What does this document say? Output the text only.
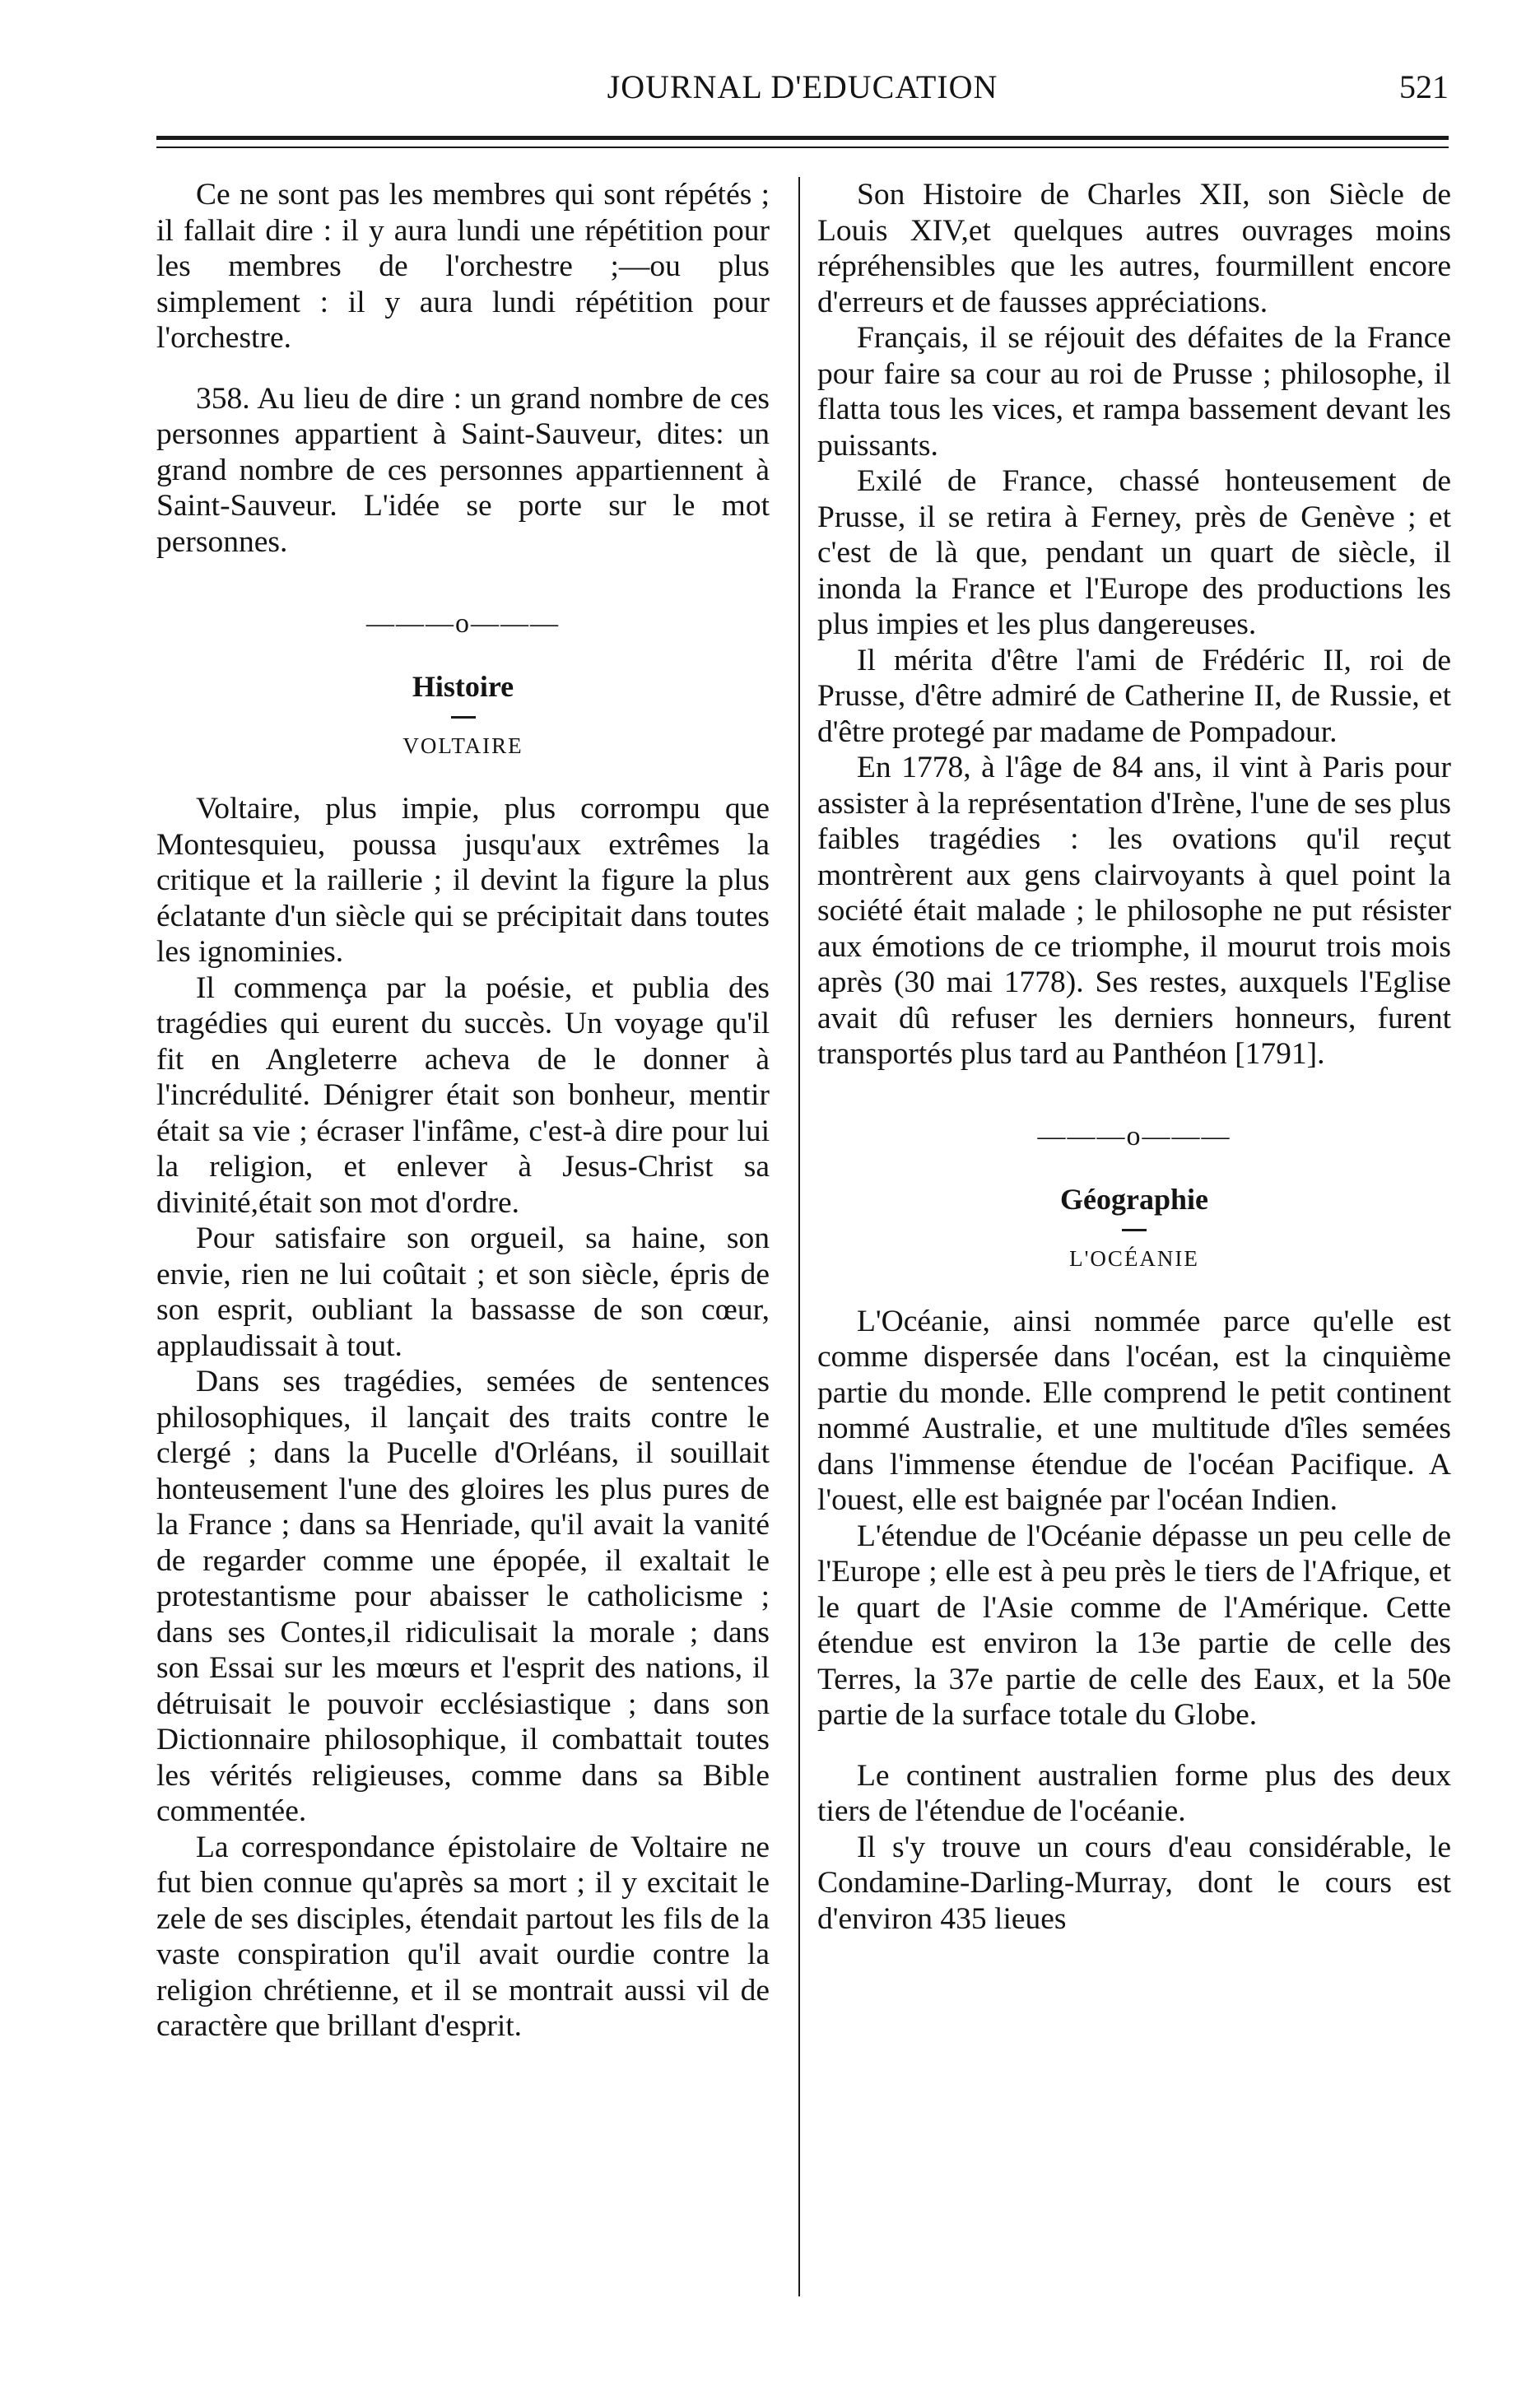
JOURNAL D'EDUCATION	521

Ce ne sont pas les membres qui sont répétés ; il fallait dire : il y aura lundi une répétition pour les membres de l'orchestre ;—ou plus simplement : il y aura lundi répétition pour l'orchestre.

358. Au lieu de dire : un grand nombre de ces personnes appartient à Saint-Sauveur, dites: un grand nombre de ces personnes appartiennent à Saint-Sauveur. L'idée se porte sur le mot personnes.

———o———
Histoire
VOLTAIRE

Voltaire, plus impie, plus corrompu que Montesquieu, poussa jusqu'aux extrêmes la critique et la raillerie ; il devint la figure la plus éclatante d'un siècle qui se précipitait dans toutes les ignominies.

Il commença par la poésie, et publia des tragédies qui eurent du succès. Un voyage qu'il fit en Angleterre acheva de le donner à l'incrédulité. Dénigrer était son bonheur, mentir était sa vie ; écraser l'infâme, c'est-à dire pour lui la religion, et enlever à Jesus-Christ sa divinité,était son mot d'ordre.

Pour satisfaire son orgueil, sa haine, son envie, rien ne lui coûtait ; et son siècle, épris de son esprit, oubliant la bassasse de son cœur, applaudissait à tout.

Dans ses tragédies, semées de sentences philosophiques, il lançait des traits contre le clergé ; dans la Pucelle d'Orléans, il souillait honteusement l'une des gloires les plus pures de la France ; dans sa Henriade, qu'il avait la vanité de regarder comme une épopée, il exaltait le protestantisme pour abaisser le catholicisme ; dans ses Contes,il ridiculisait la morale ; dans son Essai sur les mœurs et l'esprit des nations, il détruisait le pouvoir ecclésiastique ; dans son Dictionnaire philosophique, il combattait toutes les vérités religieuses, comme dans sa Bible commentée.

La correspondance épistolaire de Voltaire ne fut bien connue qu'après sa mort ; il y excitait le zele de ses disciples, étendait partout les fils de la vaste conspiration qu'il avait ourdie contre la religion chrétienne, et il se montrait aussi vil de caractère que brillant d'esprit.

Son Histoire de Charles XII, son Siècle de Louis XIV,et quelques autres ouvrages moins répréhensibles que les autres, fourmillent encore d'erreurs et de fausses appréciations.

Français, il se réjouit des défaites de la France pour faire sa cour au roi de Prusse ; philosophe, il flatta tous les vices, et rampa bassement devant les puissants.

Exilé de France, chassé honteusement de Prusse, il se retira à Ferney, près de Genève ; et c'est de là que, pendant un quart de siècle, il inonda la France et l'Europe des productions les plus impies et les plus dangereuses.

Il mérita d'être l'ami de Frédéric II, roi de Prusse, d'être admiré de Catherine II, de Russie, et d'être protegé par madame de Pompadour.

En 1778, à l'âge de 84 ans, il vint à Paris pour assister à la représentation d'Irène, l'une de ses plus faibles tragédies : les ovations qu'il reçut montrèrent aux gens clairvoyants à quel point la société était malade ; le philosophe ne put résister aux émotions de ce triomphe, il mourut trois mois après (30 mai 1778). Ses restes, auxquels l'Eglise avait dû refuser les derniers honneurs, furent transportés plus tard au Panthéon [1791].

———o———
Géographie
L'OCÉANIE

L'Océanie, ainsi nommée parce qu'elle est comme dispersée dans l'océan, est la cinquième partie du monde. Elle comprend le petit continent nommé Australie, et une multitude d'îles semées dans l'immense étendue de l'océan Pacifique. A l'ouest, elle est baignée par l'océan Indien.

L'étendue de l'Océanie dépasse un peu celle de l'Europe ; elle est à peu près le tiers de l'Afrique, et le quart de l'Asie comme de l'Amérique. Cette étendue est environ la 13e partie de celle des Terres, la 37e partie de celle des Eaux, et la 50e partie de la surface totale du Globe.

Le continent australien forme plus des deux tiers de l'étendue de l'océanie.

Il s'y trouve un cours d'eau considérable, le Condamine-Darling-Murray, dont le cours est d'environ 435 lieues
